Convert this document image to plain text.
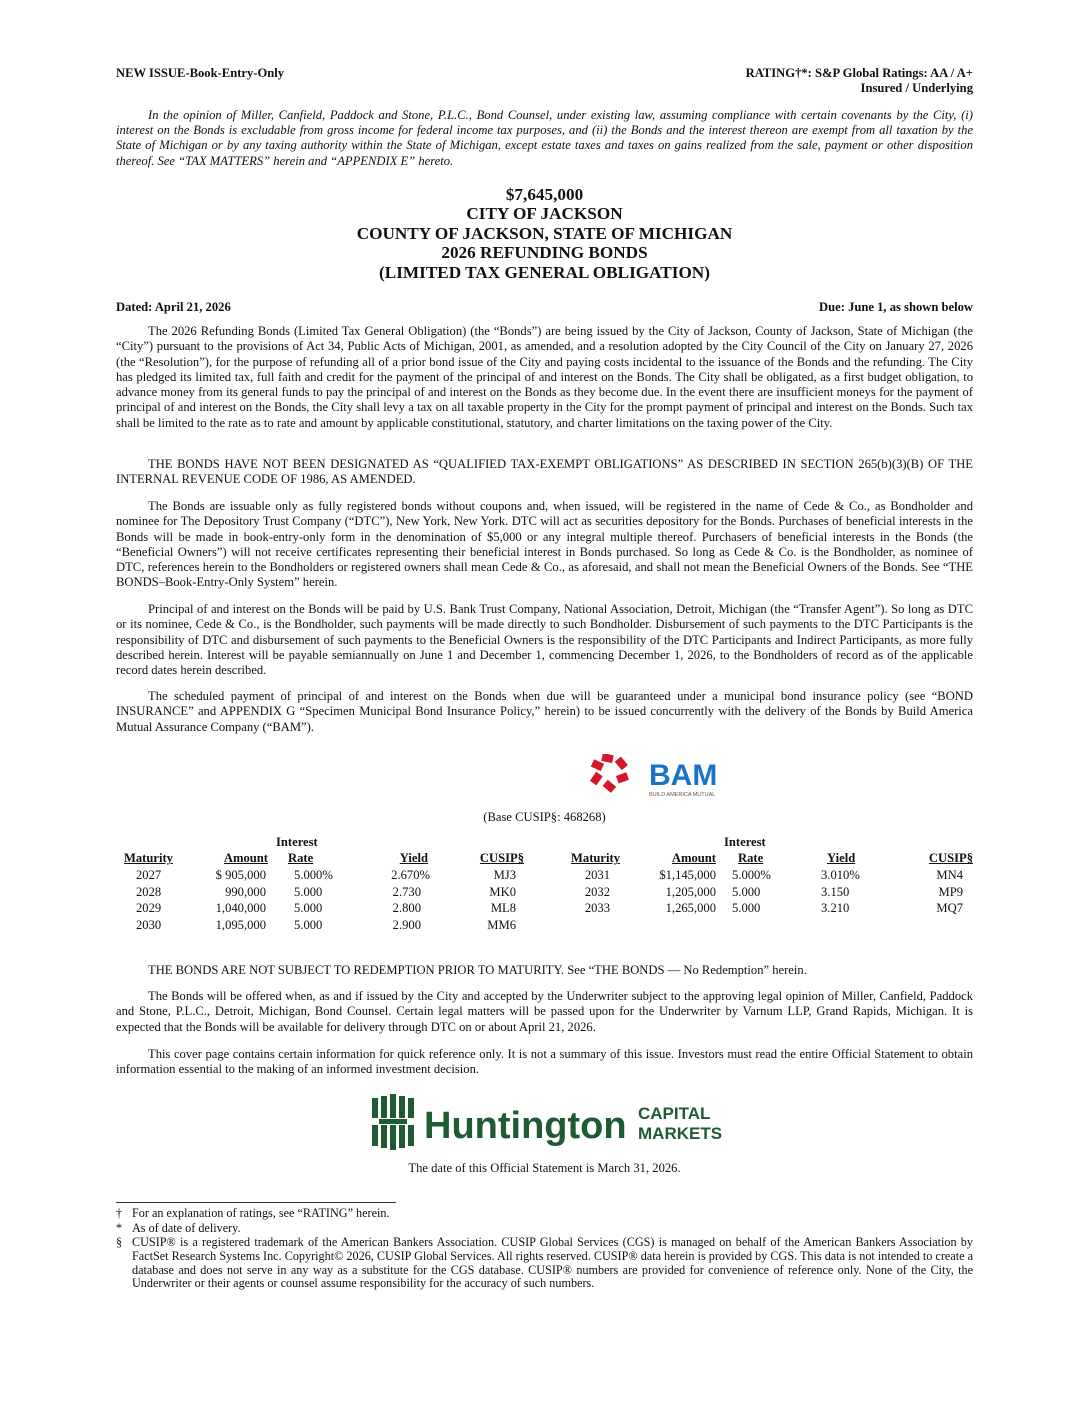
NEW ISSUE-Book-Entry-Only	RATING†*: S&P Global Ratings: AA / A+
Insured / Underlying

In the opinion of Miller, Canfield, Paddock and Stone, P.L.C., Bond Counsel, under existing law, assuming compliance with certain covenants by the City, (i) interest on the Bonds is excludable from gross income for federal income tax purposes, and (ii) the Bonds and the interest thereon are exempt from all taxation by the State of Michigan or by any taxing authority within the State of Michigan, except estate taxes and taxes on gains realized from the sale, payment or other disposition thereof. See “TAX MATTERS” herein and “APPENDIX E” hereto.

$7,645,000
CITY OF JACKSON
COUNTY OF JACKSON, STATE OF MICHIGAN
2026 REFUNDING BONDS
(LIMITED TAX GENERAL OBLIGATION)
Dated: April 21, 2026	Due: June 1, as shown below

The 2026 Refunding Bonds (Limited Tax General Obligation) (the “Bonds”) are being issued by the City of Jackson, County of Jackson, State of Michigan (the “City”) pursuant to the provisions of Act 34, Public Acts of Michigan, 2001, as amended, and a resolution adopted by the City Council of the City on January 27, 2026 (the “Resolution”), for the purpose of refunding all of a prior bond issue of the City and paying costs incidental to the issuance of the Bonds and the refunding. The City has pledged its limited tax, full faith and credit for the payment of the principal of and interest on the Bonds. The City shall be obligated, as a first budget obligation, to advance money from its general funds to pay the principal of and interest on the Bonds as they become due. In the event there are insufficient moneys for the payment of principal of and interest on the Bonds, the City shall levy a tax on all taxable property in the City for the prompt payment of principal and interest on the Bonds. Such tax shall be limited to the rate as to rate and amount by applicable constitutional, statutory, and charter limitations on the taxing power of the City.

THE BONDS HAVE NOT BEEN DESIGNATED AS “QUALIFIED TAX-EXEMPT OBLIGATIONS” AS DESCRIBED IN SECTION 265(b)(3)(B) OF THE INTERNAL REVENUE CODE OF 1986, AS AMENDED.

The Bonds are issuable only as fully registered bonds without coupons and, when issued, will be registered in the name of Cede & Co., as Bondholder and nominee for The Depository Trust Company (“DTC”), New York, New York. DTC will act as securities depository for the Bonds. Purchases of beneficial interests in the Bonds will be made in book-entry-only form in the denomination of $5,000 or any integral multiple thereof. Purchasers of beneficial interests in the Bonds (the “Beneficial Owners”) will not receive certificates representing their beneficial interest in Bonds purchased. So long as Cede & Co. is the Bondholder, as nominee of DTC, references herein to the Bondholders or registered owners shall mean Cede & Co., as aforesaid, and shall not mean the Beneficial Owners of the Bonds. See “THE BONDS–Book-Entry-Only System” herein.

Principal of and interest on the Bonds will be paid by U.S. Bank Trust Company, National Association, Detroit, Michigan (the “Transfer Agent”). So long as DTC or its nominee, Cede & Co., is the Bondholder, such payments will be made directly to such Bondholder. Disbursement of such payments to the DTC Participants is the responsibility of DTC and disbursement of such payments to the Beneficial Owners is the responsibility of the DTC Participants and Indirect Participants, as more fully described herein. Interest will be payable semiannually on June 1 and December 1, commencing December 1, 2026, to the Bondholders of record as of the applicable record dates herein described.

The scheduled payment of principal of and interest on the Bonds when due will be guaranteed under a municipal bond insurance policy (see “BOND INSURANCE” and APPENDIX G “Specimen Municipal Bond Insurance Policy,” herein) to be issued concurrently with the delivery of the Bonds by Build America Mutual Assurance Company (“BAM”).

BAM
BUILD AMERICA MUTUAL
(Base CUSIP§: 468268)
		Interest					Interest		
Maturity	Amount	Rate	Yield	CUSIP§	Maturity	Amount	Rate	Yield	CUSIP§
2027	$ 905,000	5.000%	2.670%	MJ3	2031	$1,145,000	5.000%	3.010%	MN4
2028	990,000	5.000	2.730	MK0	2032	1,205,000	5.000	3.150	MP9
2029	1,040,000	5.000	2.800	ML8	2033	1,265,000	5.000	3.210	MQ7
2030	1,095,000	5.000	2.900	MM6					

THE BONDS ARE NOT SUBJECT TO REDEMPTION PRIOR TO MATURITY. See “THE BONDS — No Redemption” herein.

The Bonds will be offered when, as and if issued by the City and accepted by the Underwriter subject to the approving legal opinion of Miller, Canfield, Paddock and Stone, P.L.C., Detroit, Michigan, Bond Counsel. Certain legal matters will be passed upon for the Underwriter by Varnum LLP, Grand Rapids, Michigan. It is expected that the Bonds will be available for delivery through DTC on or about April 21, 2026.

This cover page contains certain information for quick reference only. It is not a summary of this issue. Investors must read the entire Official Statement to obtain information essential to the making of an informed investment decision.

Huntington CAPITAL
MARKETS
The date of this Official Statement is March 31, 2026.
† For an explanation of ratings, see “RATING” herein.
* As of date of delivery.
§ CUSIP® is a registered trademark of the American Bankers Association. CUSIP Global Services (CGS) is managed on behalf of the American Bankers Association by FactSet Research Systems Inc. Copyright© 2026, CUSIP Global Services. All rights reserved. CUSIP® data herein is provided by CGS. This data is not intended to create a database and does not serve in any way as a substitute for the CGS database. CUSIP® numbers are provided for convenience of reference only. None of the City, the Underwriter or their agents or counsel assume responsibility for the accuracy of such numbers.
